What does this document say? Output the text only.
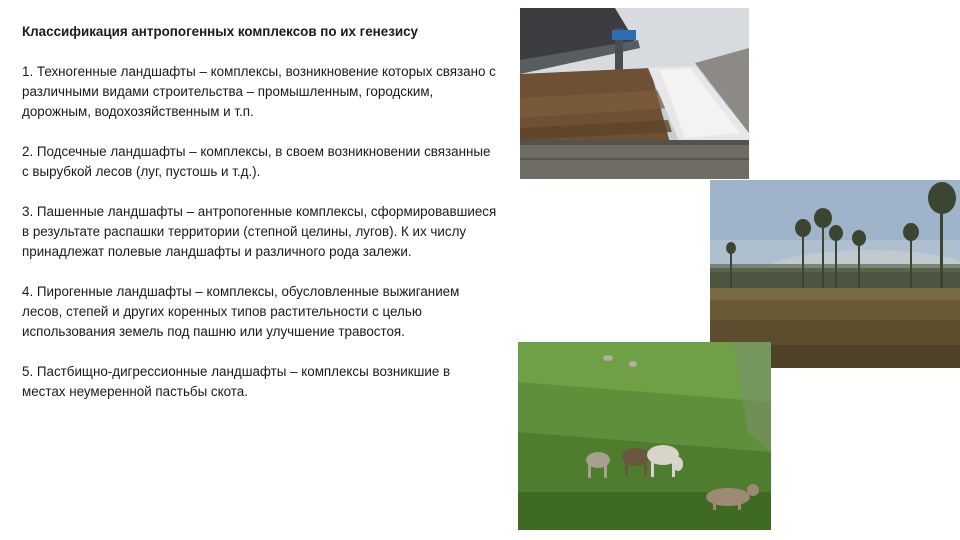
Классификация антропогенных комплексов по их генезису
1. Техногенные ландшафты – комплексы, возникновение которых связано с различными видами строительства – промышленным, городским, дорожным, водохозяйственным и т.п.
2. Подсечные ландшафты – комплексы, в своем возникновении связанные с вырубкой лесов (луг, пустошь и т.д.).
3. Пашенные ландшафты – антропогенные комплексы, сформировавшиеся в результате распашки территории (степной целины, лугов). К их числу принадлежат полевые ландшафты и различного рода залежи.
4. Пирогенные ландшафты – комплексы, обусловленные выжиганием лесов, степей и других коренных типов растительности с целью использования земель под пашню или улучшение травостоя.
5. Пастбищно-дигрессионные ландшафты – комплексы возникшие в местах неумеренной пастьбы скота.
